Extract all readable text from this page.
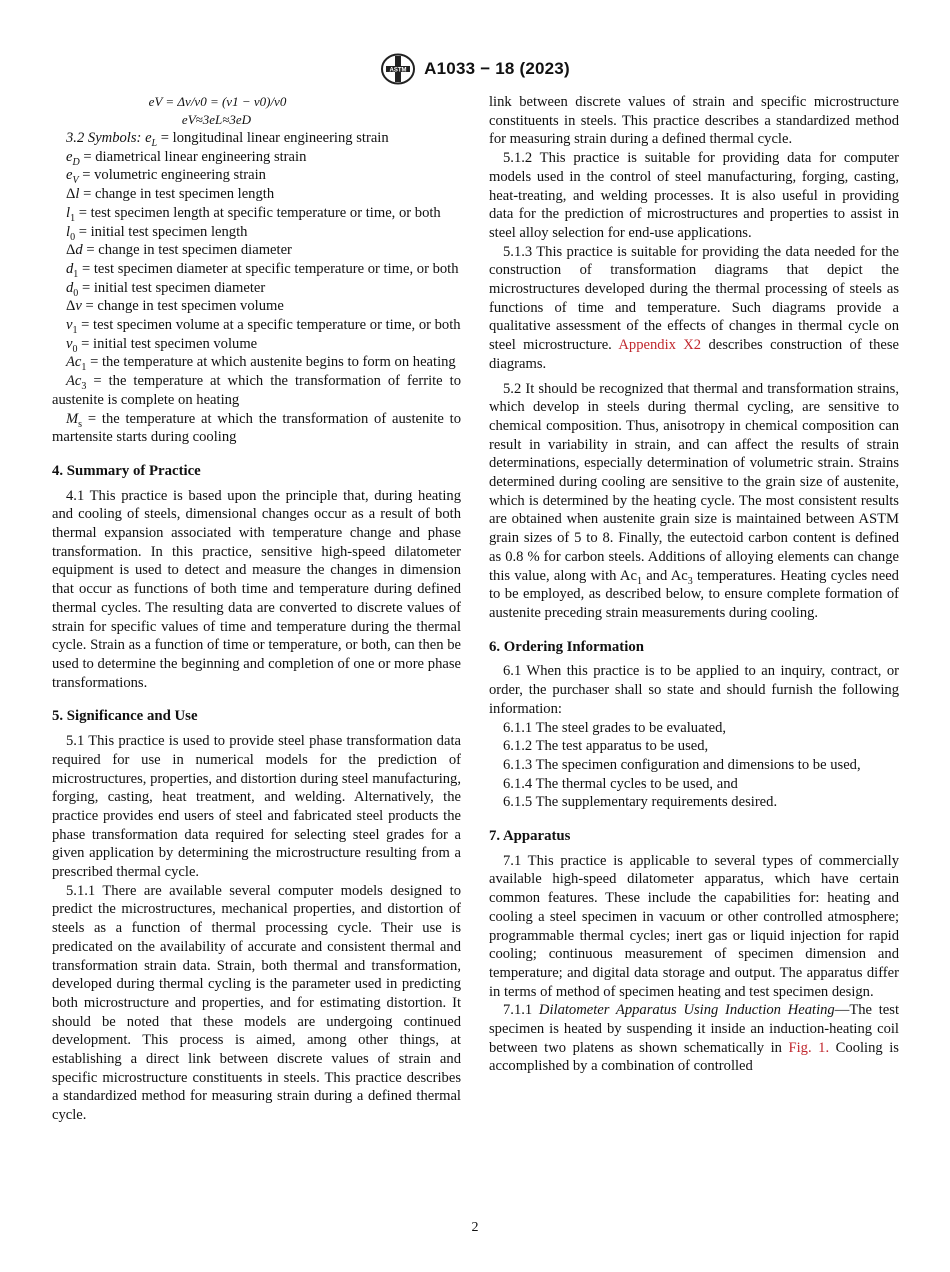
ASTM A1033 − 18 (2023)
eV = Δv/v0 = (v1 − v0)/v0
eV≈3eL≈3eD

3.2 Symbols: $e_L$ = longitudinal linear engineering strain

$e_D$ = diametrical linear engineering strain

$e_V$ = volumetric engineering strain

Δl = change in test specimen length

$l_1$ = test specimen length at specific temperature or time, or both

$l_0$ = initial test specimen length

Δd = change in test specimen diameter

$d_1$ = test specimen diameter at specific temperature or time, or both

$d_0$ = initial test specimen diameter

Δv = change in test specimen volume

$v_1$ = test specimen volume at a specific temperature or time, or both

$v_0$ = initial test specimen volume

$Ac_1$ = the temperature at which austenite begins to form on heating

$Ac_3$ = the temperature at which the transformation of ferrite to austenite is complete on heating

$M_s$ = the temperature at which the transformation of austenite to martensite starts during cooling

4. Summary of Practice

4.1 This practice is based upon the principle that, during heating and cooling of steels, dimensional changes occur as a result of both thermal expansion associated with temperature change and phase transformation. In this practice, sensitive high-speed dilatometer equipment is used to detect and measure the changes in dimension that occur as functions of both time and temperature during defined thermal cycles. The resulting data are converted to discrete values of strain for specific values of time and temperature during the thermal cycle. Strain as a function of time or temperature, or both, can then be used to determine the beginning and completion of one or more phase transformations.

5. Significance and Use

5.1 This practice is used to provide steel phase transformation data required for use in numerical models for the prediction of microstructures, properties, and distortion during steel manufacturing, forging, casting, heat treatment, and welding. Alternatively, the practice provides end users of steel and fabricated steel products the phase transformation data required for selecting steel grades for a given application by determining the microstructure resulting from a prescribed thermal cycle.

5.1.1 There are available several computer models designed to predict the microstructures, mechanical properties, and distortion of steels as a function of thermal processing cycle. Their use is predicated on the availability of accurate and consistent thermal and transformation strain data. Strain, both thermal and transformation, developed during thermal cycling is the parameter used in predicting both microstructure and properties, and for estimating distortion. It should be noted that these models are undergoing continued development. This process is aimed, among other things, at establishing a direct link between discrete values of strain and specific microstructure constituents in steels. This practice describes a standardized method for measuring strain during a defined thermal cycle.

link between discrete values of strain and specific microstructure constituents in steels. This practice describes a standardized method for measuring strain during a defined thermal cycle.

5.1.2 This practice is suitable for providing data for computer models used in the control of steel manufacturing, forging, casting, heat-treating, and welding processes. It is also useful in providing data for the prediction of microstructures and properties to assist in steel alloy selection for end-use applications.

5.1.3 This practice is suitable for providing the data needed for the construction of transformation diagrams that depict the microstructures developed during the thermal processing of steels as functions of time and temperature. Such diagrams provide a qualitative assessment of the effects of changes in thermal cycle on steel microstructure. Appendix X2 describes construction of these diagrams.

5.2 It should be recognized that thermal and transformation strains, which develop in steels during thermal cycling, are sensitive to chemical composition. Thus, anisotropy in chemical composition can result in variability in strain, and can affect the results of strain determinations, especially determination of volumetric strain. Strains determined during cooling are sensitive to the grain size of austenite, which is determined by the heating cycle. The most consistent results are obtained when austenite grain size is maintained between ASTM grain sizes of 5 to 8. Finally, the eutectoid carbon content is defined as 0.8 % for carbon steels. Additions of alloying elements can change this value, along with $Ac_1$ and $Ac_3$ temperatures. Heating cycles need to be employed, as described below, to ensure complete formation of austenite preceding strain measurements during cooling.

6. Ordering Information

6.1 When this practice is to be applied to an inquiry, contract, or order, the purchaser shall so state and should furnish the following information:

6.1.1 The steel grades to be evaluated,

6.1.2 The test apparatus to be used,

6.1.3 The specimen configuration and dimensions to be used,

6.1.4 The thermal cycles to be used, and

6.1.5 The supplementary requirements desired.

7. Apparatus

7.1 This practice is applicable to several types of commercially available high-speed dilatometer apparatus, which have certain common features. These include the capabilities for: heating and cooling a steel specimen in vacuum or other controlled atmosphere; programmable thermal cycles; inert gas or liquid injection for rapid cooling; continuous measurement of specimen dimension and temperature; and digital data storage and output. The apparatus differ in terms of method of specimen heating and test specimen design.

7.1.1 Dilatometer Apparatus Using Induction Heating—The test specimen is heated by suspending it inside an induction-heating coil between two platens as shown schematically in Fig. 1. Cooling is accomplished by a combination of controlled

2
